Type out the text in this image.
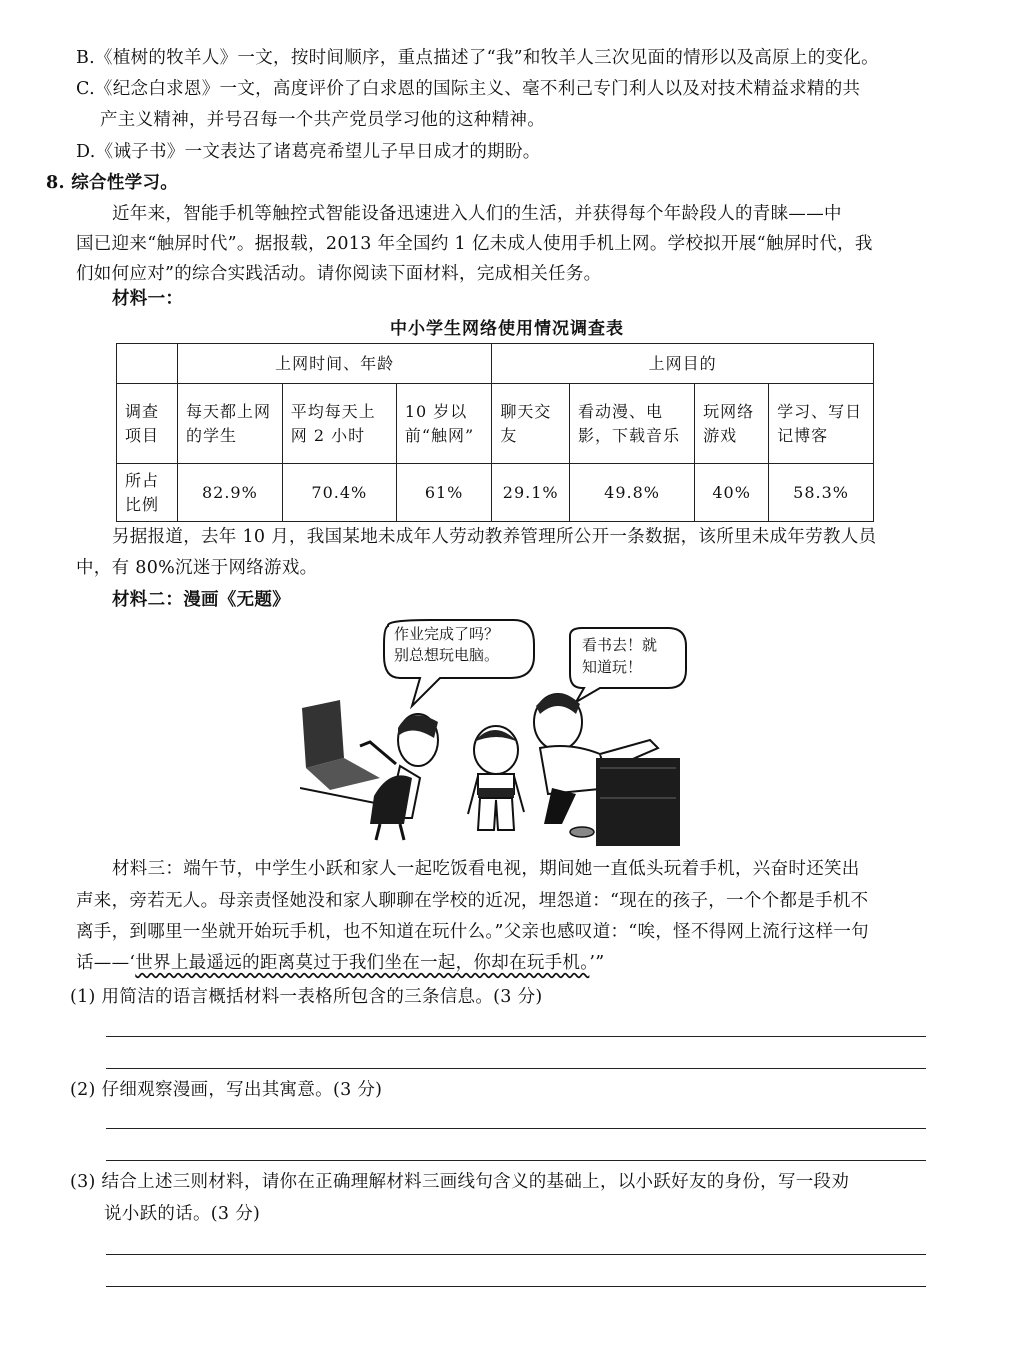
B.《植树的牧羊人》一文，按时间顺序，重点描述了“我”和牧羊人三次见面的情形以及高原上的变化。
C.《纪念白求恩》一文，高度评价了白求恩的国际主义、毫不利己专门利人以及对技术精益求精的共
产主义精神，并号召每一个共产党员学习他的这种精神。
D.《诫子书》一文表达了诸葛亮希望儿子早日成才的期盼。
8. 综合性学习。
近年来，智能手机等触控式智能设备迅速进入人们的生活，并获得每个年龄段人的青睐——中
国已迎来“触屏时代”。据报载，2013 年全国约 1 亿未成人使用手机上网。学校拟开展“触屏时代，我
们如何应对”的综合实践活动。请你阅读下面材料，完成相关任务。
材料一：
中小学生网络使用情况调查表
	上网时间、年龄			上网目的			
调查项目	每天都上网的学生	平均每天上网 2 小时	10 岁以前“触网”	聊天交友	看动漫、电影，下载音乐	玩网络游戏	学习、写日记博客
所占比例	82.9%	70.4%	61%	29.1%	49.8%	40%	58.3%
另据报道，去年 10 月，我国某地未成年人劳动教养管理所公开一条数据，该所里未成年劳教人员
中，有 80%沉迷于网络游戏。
材料二：漫画《无题》
作业完成了吗？
别总想玩电脑。
看书去！就
知道玩！
材料三：端午节，中学生小跃和家人一起吃饭看电视，期间她一直低头玩着手机，兴奋时还笑出
声来，旁若无人。母亲责怪她没和家人聊聊在学校的近况，埋怨道：“现在的孩子，一个个都是手机不
离手，到哪里一坐就开始玩手机，也不知道在玩什么。”父亲也感叹道：“唉，怪不得网上流行这样一句
话——‘世界上最遥远的距离莫过于我们坐在一起，你却在玩手机。’”
(1) 用简洁的语言概括材料一表格所包含的三条信息。(3 分)
(2) 仔细观察漫画，写出其寓意。(3 分)
(3) 结合上述三则材料，请你在正确理解材料三画线句含义的基础上，以小跃好友的身份，写一段劝
说小跃的话。(3 分)
